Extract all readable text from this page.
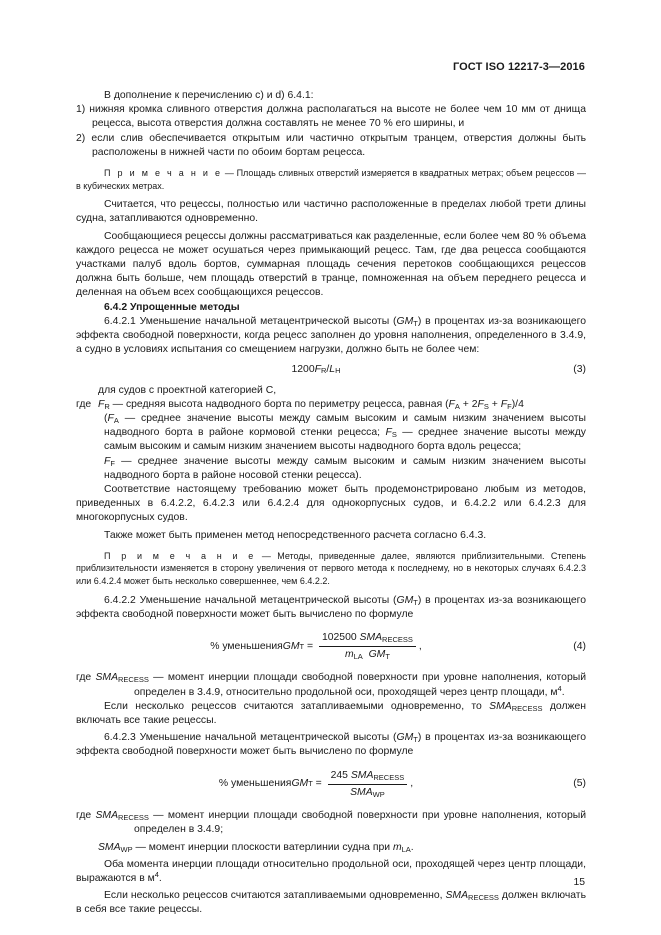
ГОСТ ISO 12217-3—2016

В дополнение к перечислению c) и d) 6.4.1:

1) нижняя кромка сливного отверстия должна располагаться на высоте не более чем 10 мм от днища рецесса, высота отверстия должна составлять не менее 70 % его ширины, и

2) если слив обеспечивается открытым или частично открытым транцем, отверстия должны быть расположены в нижней части по обоим бортам рецесса.

П р и м е ч а н и е — Площадь сливных отверстий измеряется в квадратных метрах; объем рецессов — в кубических метрах.

Считается, что рецессы, полностью или частично расположенные в пределах любой трети длины судна, затапливаются одновременно.

Сообщающиеся рецессы должны рассматриваться как разделенные, если более чем 80 % объема каждого рецесса не может осушаться через примыкающий рецесс. Там, где два рецесса сообщаются участками палуб вдоль бортов, суммарная площадь сечения перетоков сообщающихся рецессов должна быть больше, чем площадь отверстий в транце, помноженная на объем переднего рецесса и деленная на объем всех сообщающихся рецессов.

6.4.2 Упрощенные методы

6.4.2.1 Уменьшение начальной метацентрической высоты $(GM_T)$ в процентах из-за возникающего эффекта свободной поверхности, когда рецесс заполнен до уровня наполнения, определенного в 3.4.9, а судно в условиях испытания со смещением нагрузки, должно быть не более чем:

1200 F R / L H	(3)

для судов с проектной категорией С,

где $F_R$ — средняя высота надводного борта по периметру рецесса, равная $(F_A + 2F_S + F_F)/4$
($F_A$ — среднее значение высоты между самым высоким и самым низким значением высоты надводного борта в районе кормовой стенки рецесса; $F_S$ — среднее значение высоты между самым высоким и самым низким значением высоты надводного борта вдоль рецесса;
$F_F$ — среднее значение высоты между самым высоким и самым низким значением высоты надводного борта в районе носовой стенки рецесса).

Соответствие настоящему требованию может быть продемонстрировано любым из методов, приведенных в 6.4.2.2, 6.4.2.3 или 6.4.2.4 для однокорпусных судов, и 6.4.2.2 или 6.4.2.3 для многокорпусных судов.

Также может быть применен метод непосредственного расчета согласно 6.4.3.

П р и м е ч а н и е — Методы, приведенные далее, являются приблизительными. Степень приблизительности изменяется в сторону увеличения от первого метода к последнему, но в некоторых случаях 6.4.2.3 или 6.4.2.4 может быть несколько совершеннее, чем 6.4.2.2.

6.4.2.2 Уменьшение начальной метацентрической высоты $(GM_T)$ в процентах из-за возникающего эффекта свободной поверхности может быть вычислено по формуле

% уменьшения GM $T = \frac{102500 SMA_{RECESS}}{m_{LA} GM_T}$ ,	(4)
где $SMA_{RECESS}$ — момент инерции площади свободной поверхности при уровне наполнения, который определен в 3.4.9, относительно продольной оси, проходящей через центр площади, $м^4$.

Если несколько рецессов считаются затапливаемыми одновременно, то $SMA_{RECESS}$ должен включать все такие рецессы.

6.4.2.3 Уменьшение начальной метацентрической высоты $(GM_T)$ в процентах из-за возникающего эффекта свободной поверхности может быть вычислено по формуле

% уменьшения GM $T = \frac{245 SMA_{RECESS}}{SMA_{WP}}$ ,	(5)
где $SMA_{RECESS}$ — момент инерции площади свободной поверхности при уровне наполнения, который определен в 3.4.9;

$SMA_{WP}$ — момент инерции плоскости ватерлинии судна при $m_{LA}$.

Оба момента инерции площади относительно продольной оси, проходящей через центр площади, выражаются в $м^4$.

Если несколько рецессов считаются затапливаемыми одновременно, $SMA_{RECESS}$ должен включать в себя все такие рецессы.

15
